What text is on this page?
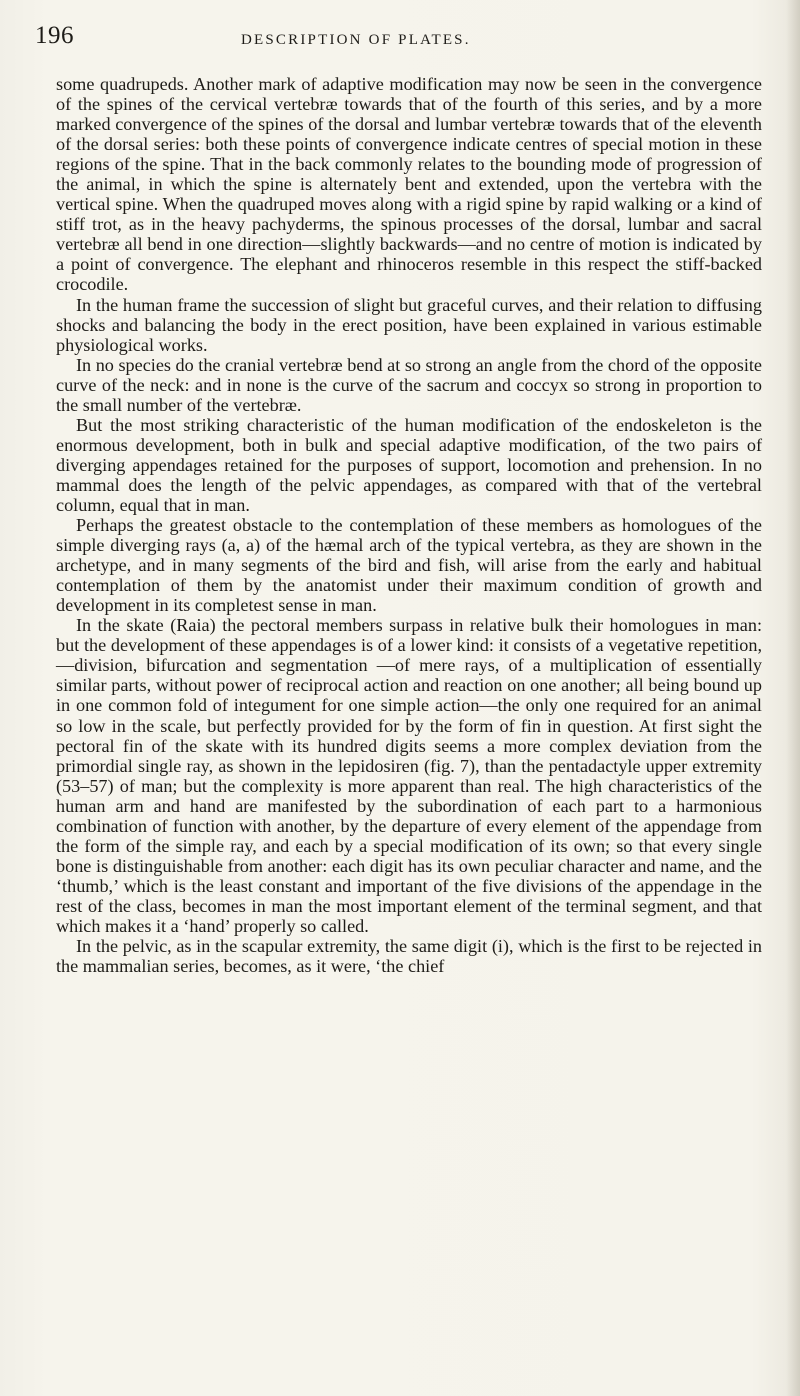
196	DESCRIPTION OF PLATES.

some quadrupeds. Another mark of adaptive modification may now be seen in the convergence of the spines of the cervical vertebræ towards that of the fourth of this series, and by a more marked convergence of the spines of the dorsal and lumbar vertebræ towards that of the eleventh of the dorsal series: both these points of convergence indicate centres of special motion in these regions of the spine. That in the back commonly relates to the bounding mode of progression of the animal, in which the spine is alternately bent and extended, upon the vertebra with the vertical spine. When the quadruped moves along with a rigid spine by rapid walking or a kind of stiff trot, as in the heavy pachyderms, the spinous processes of the dorsal, lumbar and sacral vertebræ all bend in one direction—slightly backwards—and no centre of motion is indicated by a point of convergence. The elephant and rhinoceros resemble in this respect the stiff-backed crocodile.

In the human frame the succession of slight but graceful curves, and their relation to diffusing shocks and balancing the body in the erect position, have been explained in various estimable physiological works.

In no species do the cranial vertebræ bend at so strong an angle from the chord of the opposite curve of the neck: and in none is the curve of the sacrum and coccyx so strong in proportion to the small number of the vertebræ.

But the most striking characteristic of the human modification of the endoskeleton is the enormous development, both in bulk and special adaptive modification, of the two pairs of diverging appendages retained for the purposes of support, locomotion and prehension. In no mammal does the length of the pelvic appendages, as compared with that of the vertebral column, equal that in man.

Perhaps the greatest obstacle to the contemplation of these members as homologues of the simple diverging rays (a, a) of the hæmal arch of the typical vertebra, as they are shown in the archetype, and in many segments of the bird and fish, will arise from the early and habitual contemplation of them by the anatomist under their maximum condition of growth and development in its completest sense in man.

In the skate (Raia) the pectoral members surpass in relative bulk their homologues in man: but the development of these appendages is of a lower kind: it consists of a vegetative repetition,—division, bifurcation and segmentation —of mere rays, of a multiplication of essentially similar parts, without power of reciprocal action and reaction on one another; all being bound up in one common fold of integument for one simple action—the only one required for an animal so low in the scale, but perfectly provided for by the form of fin in question. At first sight the pectoral fin of the skate with its hundred digits seems a more complex deviation from the primordial single ray, as shown in the lepidosiren (fig. 7), than the pentadactyle upper extremity (53–57) of man; but the complexity is more apparent than real. The high characteristics of the human arm and hand are manifested by the subordination of each part to a harmonious combination of function with another, by the departure of every element of the appendage from the form of the simple ray, and each by a special modification of its own; so that every single bone is distinguishable from another: each digit has its own peculiar character and name, and the ‘thumb,’ which is the least constant and important of the five divisions of the appendage in the rest of the class, becomes in man the most important element of the terminal segment, and that which makes it a ‘hand’ properly so called.

In the pelvic, as in the scapular extremity, the same digit (i), which is the first to be rejected in the mammalian series, becomes, as it were, ‘the chief
